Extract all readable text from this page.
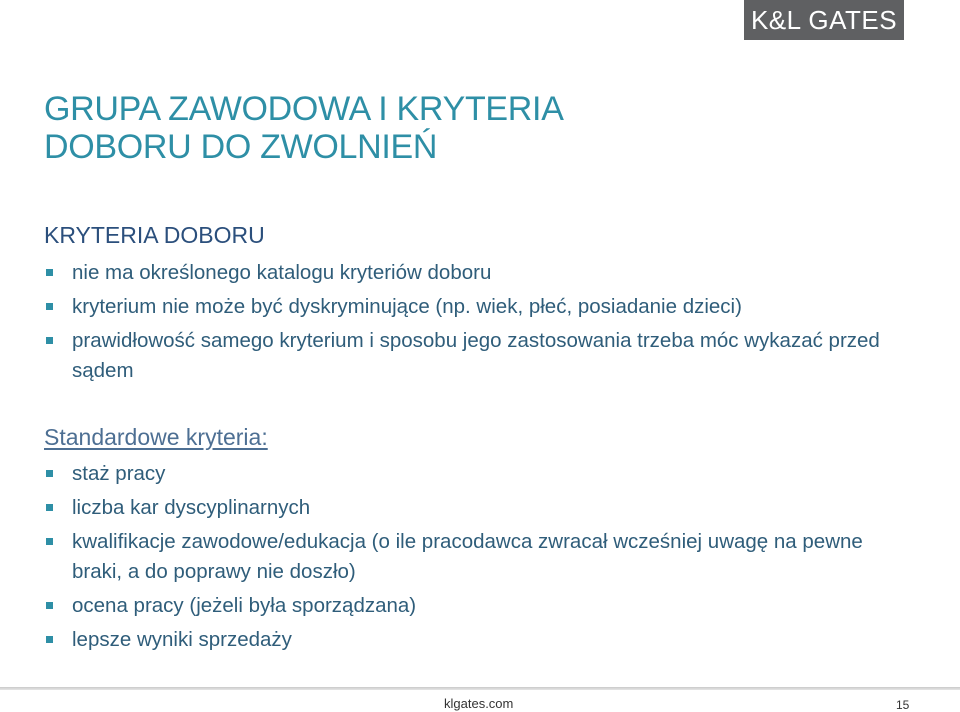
K&L GATES
GRUPA ZAWODOWA I KRYTERIA
DOBORU DO ZWOLNIEŃ
KRYTERIA DOBORU
nie ma określonego katalogu kryteriów doboru
kryterium nie może być dyskryminujące (np. wiek, płeć, posiadanie dzieci)
prawidłowość samego kryterium i sposobu jego zastosowania trzeba móc wykazać przed sądem
Standardowe kryteria:
staż pracy
liczba kar dyscyplinarnych
kwalifikacje zawodowe/edukacja (o ile pracodawca zwracał wcześniej uwagę na pewne braki, a do poprawy nie doszło)
ocena pracy (jeżeli była sporządzana)
lepsze wyniki sprzedaży
klgates.com	15
